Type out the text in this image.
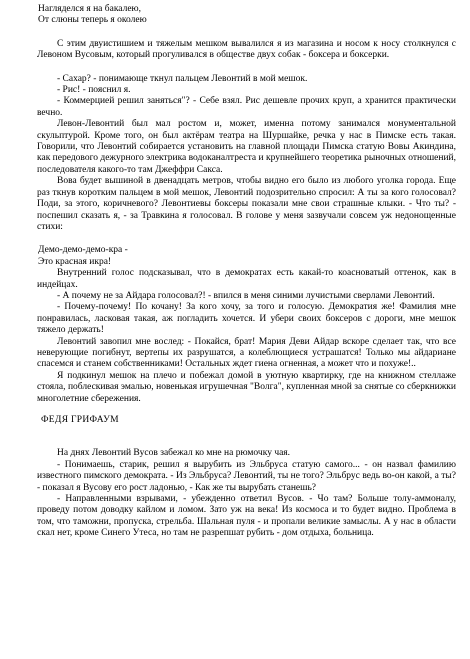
Нагляделся я на бакалею,

От слюны теперь я околею

С этим двуистишием и тяжелым мешком вывалился я из магазина и носом к носу столкнулся с Левоном Вусовым, который прогуливался в обществе двух собак - боксера и боксерки.

- Сахар? - понимающе ткнул пальцем Левонтий в мой мешок.

- Рис! - пояснил я.

- Коммерцией решил заняться"? - Себе взял. Рис дешевле прочих круп, а хранится практически вечно.

Левон-Левонтий был мал ростом и, может, именна потому занимался монументальной скульптурой. Кроме того, он был актёрам театра на Шуршайке, речка у нас в Пимске есть такая. Говорили, что Левонтий собирается установить на главной площади Пимска статую Вовы Акиндина, как передового дежурного электрика водоканалтреста и крупнейшего теоретика рыночных отношений, последователя какого-то там Джеффри Сакса.

Вова будет вышиной в двенадцать метров, чтобы видно его было из любого уголка города. Еще раз ткнув коротким пальцем в мой мешок, Левонтий подозрительно спросил: А ты за кого голосовал? Поди, за этого, коричневого? Левонтиевы боксеры показали мне свои страшные клыки. - Что ты? - поспешил сказать я, - за Травкина я голосовал. В голове у меня зазвучали совсем уж недонощенные стихи:

Демо-демо-демо-кра -

Это красная икра!

Внутренний голос подсказывал, что в демократах есть какай-то коасноватый оттенок, как в индейцах.

- А почему не за Айдара голосовал?! - впился в меня синими лучистыми сверлами Левонтий.

- Почему-почему! По кочану! За кого хочу, за того и голосую. Демократия же! Фамилия мне понравилась, ласковая такая, аж погладить хочется. И убери своих боксеров с дороги, мне мешок тяжело держать!

Левонтий завопил мне вослед: - Покайся, брат! Мария Деви Айдар вскоре сделает так, что все неверующие погибнут, вертепы их разрушатся, а колеблющиеся устрашатся! Только мы айдариане спасемся и станем собственниками! Остальных ждет гиена огненная, а может что и похуже!..

Я подкинул мешок на плечо и побежал домой в уютную квартирку, где на книжном стеллаже стояла, поблескивая эмалью, новенькая игрушечная "Волга", купленная мной за снятые со сберкнижки многолетние сбережения.

ФЕДЯ ГРИФАУМ

На днях Левонтий Вусов забежал ко мне на рюмочку чая.

- Понимаешь, старик, решил я вырубить из Эльбруса статую самого... - он назвал фамилию известного пимского демократа. - Из Эльбруса? Левонтий, ты не того? Эльбрус ведь во-он какой, а ты? - показал я Вусову его рост ладонью, - Как же ты вырубать станешь?

- Направленными взрывами, - убежденно ответил Вусов. - Чо там? Больше толу-аммоналу, проведу потом доводку кайлом и ломом. Зато уж на века! Из космоса и то будет видно. Проблема в том, что таможни, пропуска, стрельба. Шальная пуля - и пропали великие замыслы. А у нас в области скал нет, кроме Синего Утеса, но там не разрепшат рубить - дом отдыха, больница.
